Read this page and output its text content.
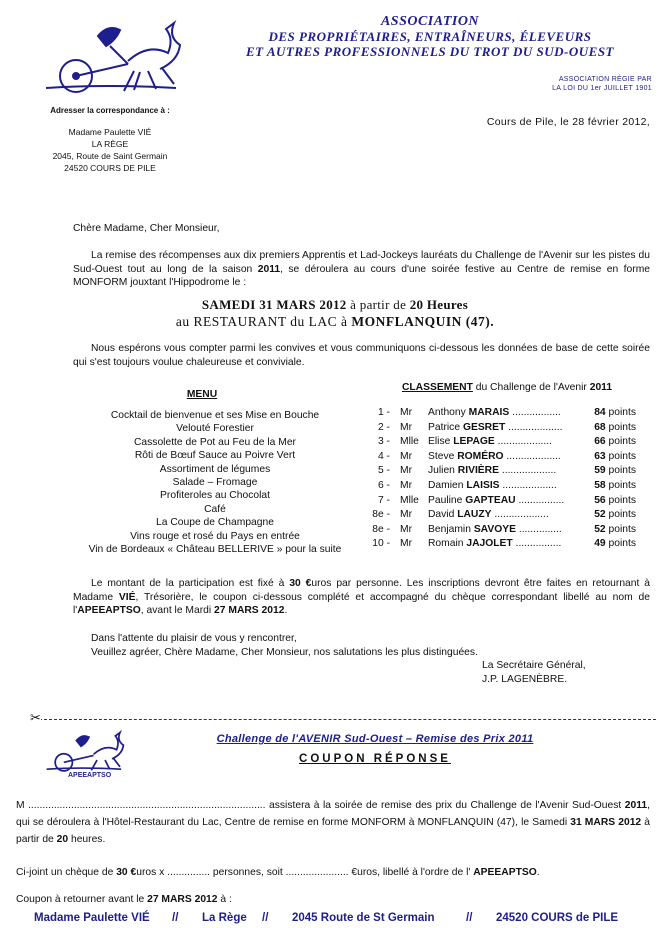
ASSOCIATION
DES PROPRIÉTAIRES, ENTRAÎNEURS, ÉLEVEURS
ET AUTRES PROFESSIONNELS DU TROT DU SUD-OUEST
ASSOCIATION RÉGIE PAR
LA LOI DU 1er JUILLET 1901
Adresser la correspondance à :
Madame Paulette VIÉ
LA RÈGE
2045, Route de Saint Germain
24520 COURS DE PILE
Cours de Pile, le 28 février 2012,
Chère Madame, Cher Monsieur,
La remise des récompenses aux dix premiers Apprentis et Lad-Jockeys lauréats du Challenge de l'Avenir sur les pistes du Sud-Ouest tout au long de la saison 2011, se déroulera au cours d'une soirée festive au Centre de remise en forme MONFORM jouxtant l'Hippodrome le :
SAMEDI 31 MARS 2012 à partir de 20 Heures
au RESTAURANT du LAC à MONFLANQUIN (47).
Nous espérons vous compter parmi les convives et vous communiquons ci-dessous les données de base de cette soirée qui s'est toujours voulue chaleureuse et conviviale.
MENU
Cocktail de bienvenue et ses Mise en Bouche
Velouté Forestier
Cassolette de Pot au Feu de la Mer
Rôti de Bœuf Sauce au Poivre Vert
Assortiment de légumes
Salade – Fromage
Profiteroles au Chocolat
Café
La Coupe de Champagne
Vins rouge et rosé du Pays en entrée
Vin de Bordeaux « Château BELLERIVE » pour la suite
CLASSEMENT du Challenge de l'Avenir 2011
1 - Mr Anthony MARAIS .................	84 points
2 - Mr Patrice GESRET ...................	68 points
3 - Mlle Elise LEPAGE ...................	66 points
4 - Mr Steve ROMÉRO ...................	63 points
5 - Mr Julien RIVIÈRE ...................	59 points
6 - Mr Damien LAISIS ...................	58 points
7 - Mlle Pauline GAPTEAU ................	56 points
8e - Mr David LAUZY ...................	52 points
8e - Mr Benjamin SAVOYE ...............	52 points
10 - Mr Romain JAJOLET ................	49 points
Le montant de la participation est fixé à 30 €uros par personne. Les inscriptions devront être faites en retournant à Madame VIÉ, Trésorière, le coupon ci-dessous complété et accompagné du chèque correspondant libellé au nom de l'APEEAPTSO, avant le Mardi 27 MARS 2012.
Dans l'attente du plaisir de vous y rencontrer,
Veuillez agréer, Chère Madame, Cher Monsieur, nos salutations les plus distinguées.
La Secrétaire Général,
J.P. LAGENÈBRE.
✂
APEEAPTSO
Challenge de l'AVENIR Sud-Ouest – Remise des Prix 2011
COUPON RÉPONSE
M ................................................................................... assistera à la soirée de remise des prix du Challenge de l'Avenir Sud-Ouest 2011, qui se déroulera à l'Hôtel-Restaurant du Lac, Centre de remise en forme MONFORM à MONFLANQUIN (47), le Samedi 31 MARS 2012 à partir de 20 heures.
Ci-joint un chèque de 30 €uros x ............... personnes, soit ...................... €uros, libellé à l'ordre de l' APEEAPTSO.
Coupon à retourner avant le 27 MARS 2012 à :
Madame Paulette VIÉ // La Rège // 2045 Route de St Germain	// 24520 COURS de PILE
